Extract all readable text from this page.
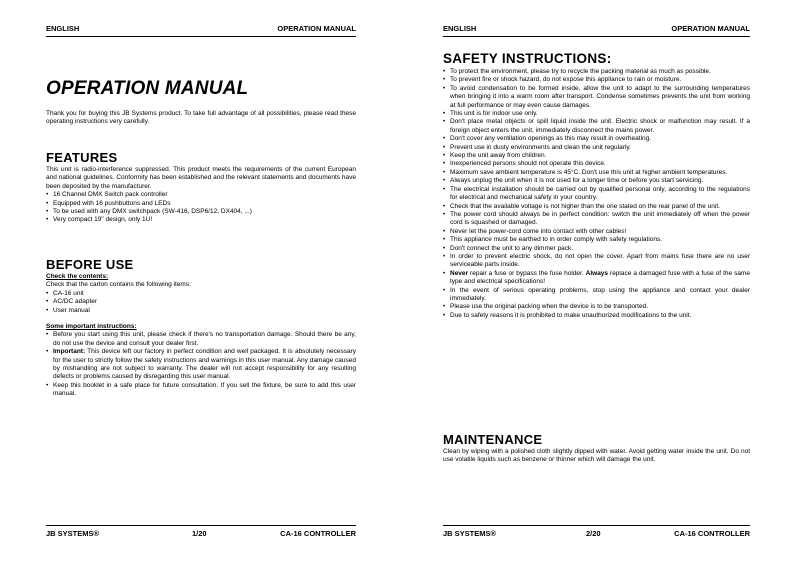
ENGLISH	OPERATION MANUAL
OPERATION MANUAL

Thank you for buying this JB Systems product. To take full advantage of all possibilities, please read these operating instructions very carefully.

FEATURES

This unit is radio-interference suppressed. This product meets the requirements of the current European and national guidelines. Conformity has been established and the relevant statements and documents have been deposited by the manufacturer.

• 16 Channel DMX Switch pack controller
• Equipped with 16 pushbuttons and LEDs
• To be used with any DMX switchpack (SW-416, DSP6/12, DX404, ...)
• Very compact 19" design, only 1U!
BEFORE USE

Check the contents:

Check that the carton contains the following items:

• CA-16 unit
• AC/DC adapter
• User manual

Some important instructions:

• Before you start using this unit, please check if there's no transportation damage. Should there be any, do not use the device and consult your dealer first.
• Important: This device left our factory in perfect condition and well packaged. It is absolutely necessary for the user to strictly follow the safety instructions and warnings in this user manual. Any damage caused by mishandling are not subject to warranty. The dealer will not accept responsibility for any resulting defects or problems caused by disregarding this user manual.
• Keep this booklet in a safe place for future consultation. If you sell the fixture, be sure to add this user manual.
JB SYSTEMS®	1/20	CA-16 CONTROLLER
ENGLISH	OPERATION MANUAL
SAFETY INSTRUCTIONS:
• To protect the environment, please try to recycle the packing material as much as possible.
• To prevent fire or shock hazard, do not expose this appliance to rain or moisture.
• To avoid condensation to be formed inside, allow the unit to adapt to the surrounding temperatures when bringing it into a warm room after transport. Condense sometimes prevents the unit from working at full performance or may even cause damages.
• This unit is for indoor use only.
• Don't place metal objects or spill liquid inside the unit. Electric shock or malfunction may result. If a foreign object enters the unit, immediately disconnect the mains power.
• Don't cover any ventilation openings as this may result in overheating.
• Prevent use in dusty environments and clean the unit regularly.
• Keep the unit away from children.
• Inexperienced persons should not operate this device.
• Maximum save ambient temperature is 45°C. Don't use this unit at higher ambient temperatures.
• Always unplug the unit when it is not used for a longer time or before you start servicing.
• The electrical installation should be carried out by qualified personal only, according to the regulations for electrical and mechanical safety in your country.
• Check that the available voltage is not higher than the one stated on the rear panel of the unit.
• The power cord should always be in perfect condition: switch the unit immediately off when the power cord is squashed or damaged.
• Never let the power-cord come into contact with other cables!
• This appliance must be earthed to in order comply with safety regulations.
• Don't connect the unit to any dimmer pack.
• In order to prevent electric shock, do not open the cover. Apart from mains fuse there are no user serviceable parts inside.
• Never repair a fuse or bypass the fuse holder. Always replace a damaged fuse with a fuse of the same type and electrical specifications!
• In the event of serious operating problems, stop using the appliance and contact your dealer immediately.
• Please use the original packing when the device is to be transported.
• Due to safety reasons it is prohibited to make unauthorized modifications to the unit.
MAINTENANCE

Clean by wiping with a polished cloth slightly dipped with water. Avoid getting water inside the unit. Do not use volatile liquids such as benzene or thinner which will damage the unit.

JB SYSTEMS®	2/20	CA-16 CONTROLLER
